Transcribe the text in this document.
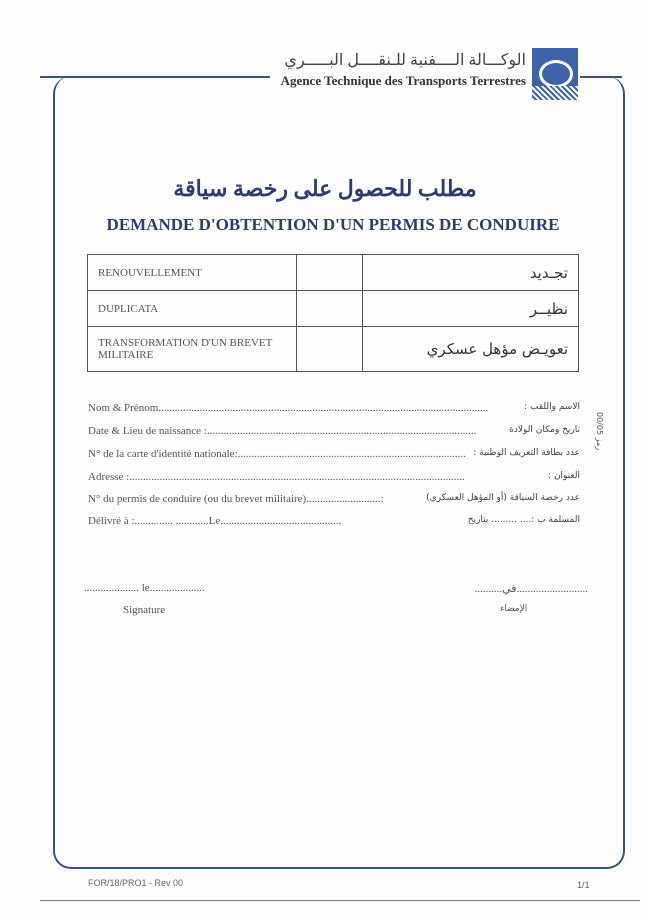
الوكـــالة الــــفنية للـنقــــل البـــــري
Agence Technique des Transports Terrestres
مطلب للحصول على رخصة سياقة
DEMANDE D'OBTENTION D'UN PERMIS DE CONDUIRE
RENOUVELLEMENT		تجـديد
DUPLICATA		نظيــر
TRANSFORMATION D'UN BREVET MILITAIRE		تعويـض مؤهل عسكري
Nom & Prénom........................................................................................................................	الاسم واللقب :
Date & Lieu de naissance :..................................................................................................	تاريخ ومكان الولادة
N° de la carte d'identité nationale:................................................................................... عدد بطاقة التعريف الوطنية :
Adresse :..........................................................................................................................	العنوان :
N° du permis de conduire (ou du brevet militaire)...........................:	عدد رخصة السياقة (أو المؤهل العسكري)
Délivré à :.............. ............Le............................................	المسلمة ب :.... ......... بتاريخ
رمز 00/05
.................... le....................
Signature
..........................في..........
الإمضاء
FOR/18/PRO1 - Rev 00	1/1
